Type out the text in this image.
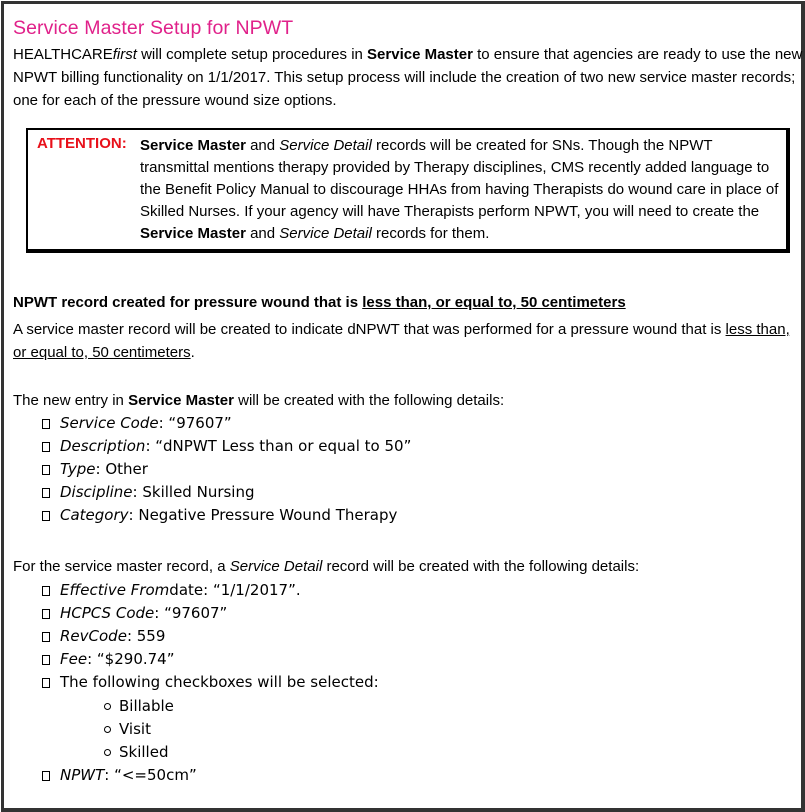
Service Master Setup for NPWT
HEALTHCAREfirst will complete setup procedures in Service Master to ensure that agencies are ready to use the new NPWT billing functionality on 1/1/2017. This setup process will include the creation of two new service master records; one for each of the pressure wound size options.
ATTENTION: Service Master and Service Detail records will be created for SNs. Though the NPWT transmittal mentions therapy provided by Therapy disciplines, CMS recently added language to the Benefit Policy Manual to discourage HHAs from having Therapists do wound care in place of Skilled Nurses. If your agency will have Therapists perform NPWT, you will need to create the Service Master and Service Detail records for them.
NPWT record created for pressure wound that is less than, or equal to, 50 centimeters
A service master record will be created to indicate dNPWT that was performed for a pressure wound that is less than, or equal to, 50 centimeters.
The new entry in Service Master will be created with the following details:
Service Code : “97607”
Description : “dNPWT Less than or equal to 50”
Type : Other
Discipline : Skilled Nursing
Category : Negative Pressure Wound Therapy
For the service master record, a Service Detail record will be created with the following details:
Effective From date: “1/1/2017”.
HCPCS Code : “97607”
RevCode : 559
Fee : “$290.74”
The following checkboxes will be selected:
Billable
Visit
Skilled
NPWT : “<=50cm”
